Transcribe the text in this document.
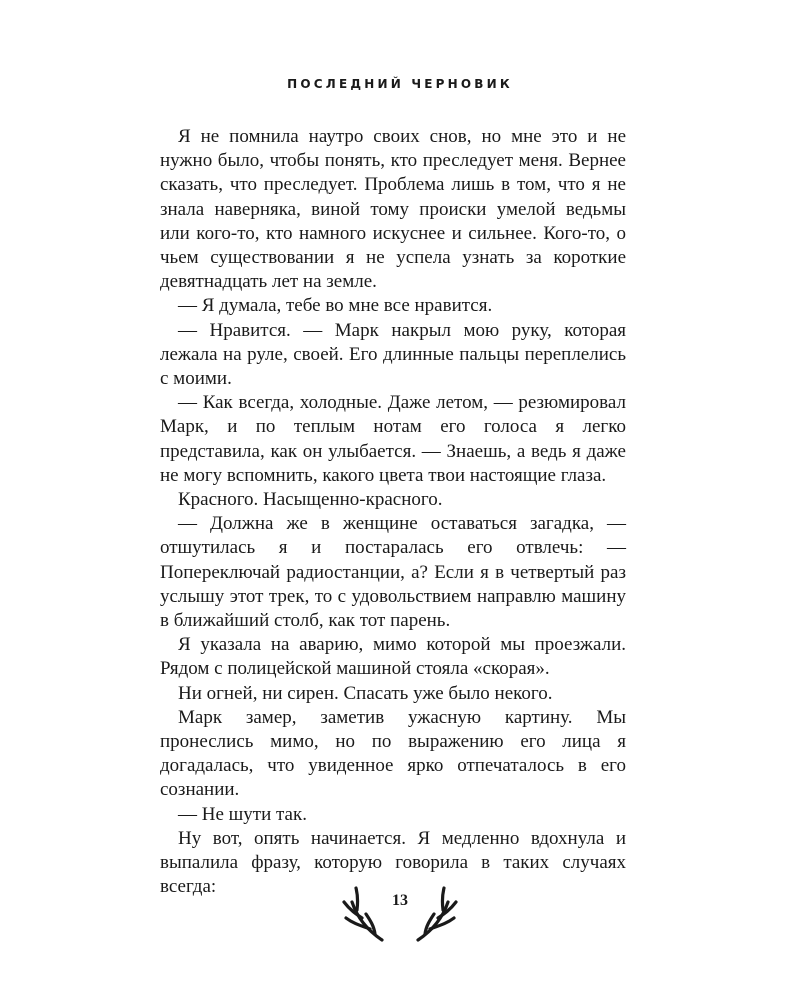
ПОСЛЕДНИЙ ЧЕРНОВИК

Я не помнила наутро своих снов, но мне это и не нужно было, чтобы понять, кто преследует меня. Вернее сказать, что преследует. Проблема лишь в том, что я не знала наверняка, виной тому происки умелой ведьмы или кого-то, кто намного искуснее и сильнее. Кого-то, о чьем существовании я не успела узнать за короткие девятнадцать лет на земле.

— Я думала, тебе во мне все нравится.

— Нравится. — Марк накрыл мою руку, которая лежала на руле, своей. Его длинные пальцы переплелись с моими.

— Как всегда, холодные. Даже летом, — резюмировал Марк, и по теплым нотам его голоса я легко представила, как он улыбается. — Знаешь, а ведь я даже не могу вспомнить, какого цвета твои настоящие глаза.

Красного. Насыщенно-красного.

— Должна же в женщине оставаться загадка, — отшутилась я и постаралась его отвлечь: — Попереключай радиостанции, а? Если я в четвертый раз услышу этот трек, то с удовольствием направлю машину в ближайший столб, как тот парень.

Я указала на аварию, мимо которой мы проезжали. Рядом с полицейской машиной стояла «скорая».

Ни огней, ни сирен. Спасать уже было некого.

Марк замер, заметив ужасную картину. Мы пронеслись мимо, но по выражению его лица я догадалась, что увиденное ярко отпечаталось в его сознании.

— Не шути так.

Ну вот, опять начинается. Я медленно вдохнула и выпалила фразу, которую говорила в таких случаях всегда:

13
